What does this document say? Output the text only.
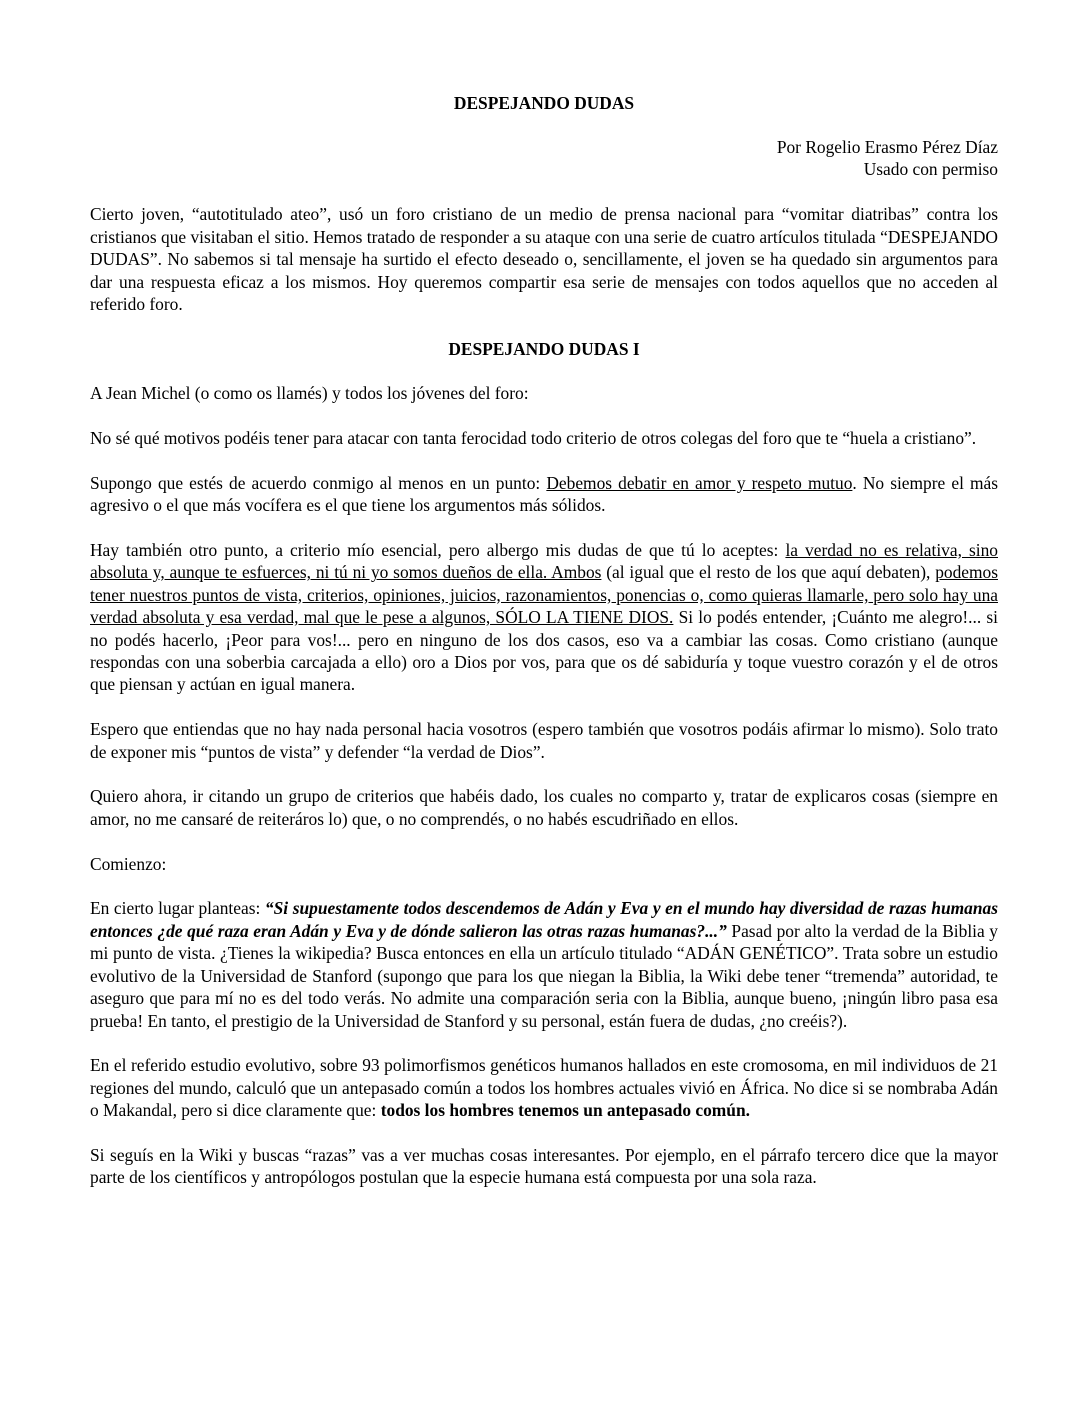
DESPEJANDO DUDAS
Por Rogelio Erasmo Pérez Díaz
Usado con permiso

Cierto joven, “autotitulado ateo”, usó un foro cristiano de un medio de prensa nacional para “vomitar diatribas” contra los cristianos que visitaban el sitio. Hemos tratado de responder a su ataque con una serie de cuatro artículos titulada “DESPEJANDO DUDAS”. No sabemos si tal mensaje ha surtido el efecto deseado o, sencillamente, el joven se ha quedado sin argumentos para dar una respuesta eficaz a los mismos. Hoy queremos compartir esa serie de mensajes con todos aquellos que no acceden al referido foro.

DESPEJANDO DUDAS I

A Jean Michel (o como os llamés) y todos los jóvenes del foro:

No sé qué motivos podéis tener para atacar con tanta ferocidad todo criterio de otros colegas del foro que te “huela a cristiano”.

Supongo que estés de acuerdo conmigo al menos en un punto: Debemos debatir en amor y respeto mutuo. No siempre el más agresivo o el que más vocífera es el que tiene los argumentos más sólidos.

Hay también otro punto, a criterio mío esencial, pero albergo mis dudas de que tú lo aceptes: la verdad no es relativa, sino absoluta y, aunque te esfuerces, ni tú ni yo somos dueños de ella. Ambos (al igual que el resto de los que aquí debaten), podemos tener nuestros puntos de vista, criterios, opiniones, juicios, razonamientos, ponencias o, como quieras llamarle, pero solo hay una verdad absoluta y esa verdad, mal que le pese a algunos, SÓLO LA TIENE DIOS. Si lo podés entender, ¡Cuánto me alegro!... si no podés hacerlo, ¡Peor para vos!... pero en ninguno de los dos casos, eso va a cambiar las cosas. Como cristiano (aunque respondas con una soberbia carcajada a ello) oro a Dios por vos, para que os dé sabiduría y toque vuestro corazón y el de otros que piensan y actúan en igual manera.

Espero que entiendas que no hay nada personal hacia vosotros (espero también que vosotros podáis afirmar lo mismo). Solo trato de exponer mis “puntos de vista” y defender “la verdad de Dios”.

Quiero ahora, ir citando un grupo de criterios que habéis dado, los cuales no comparto y, tratar de explicaros cosas (siempre en amor, no me cansaré de reiteráros lo) que, o no comprendés, o no habés escudriñado en ellos.

Comienzo:

En cierto lugar planteas: “Si supuestamente todos descendemos de Adán y Eva y en el mundo hay diversidad de razas humanas entonces ¿de qué raza eran Adán y Eva y de dónde salieron las otras razas humanas?...” Pasad por alto la verdad de la Biblia y mi punto de vista. ¿Tienes la wikipedia? Busca entonces en ella un artículo titulado “ADÁN GENÉTICO”. Trata sobre un estudio evolutivo de la Universidad de Stanford (supongo que para los que niegan la Biblia, la Wiki debe tener “tremenda” autoridad, te aseguro que para mí no es del todo verás. No admite una comparación seria con la Biblia, aunque bueno, ¡ningún libro pasa esa prueba! En tanto, el prestigio de la Universidad de Stanford y su personal, están fuera de dudas, ¿no creéis?).

En el referido estudio evolutivo, sobre 93 polimorfismos genéticos humanos hallados en este cromosoma, en mil individuos de 21 regiones del mundo, calculó que un antepasado común a todos los hombres actuales vivió en África. No dice si se nombraba Adán o Makandal, pero si dice claramente que: todos los hombres tenemos un antepasado común.

Si seguís en la Wiki y buscas “razas” vas a ver muchas cosas interesantes. Por ejemplo, en el párrafo tercero dice que la mayor parte de los científicos y antropólogos postulan que la especie humana está compuesta por una sola raza.
